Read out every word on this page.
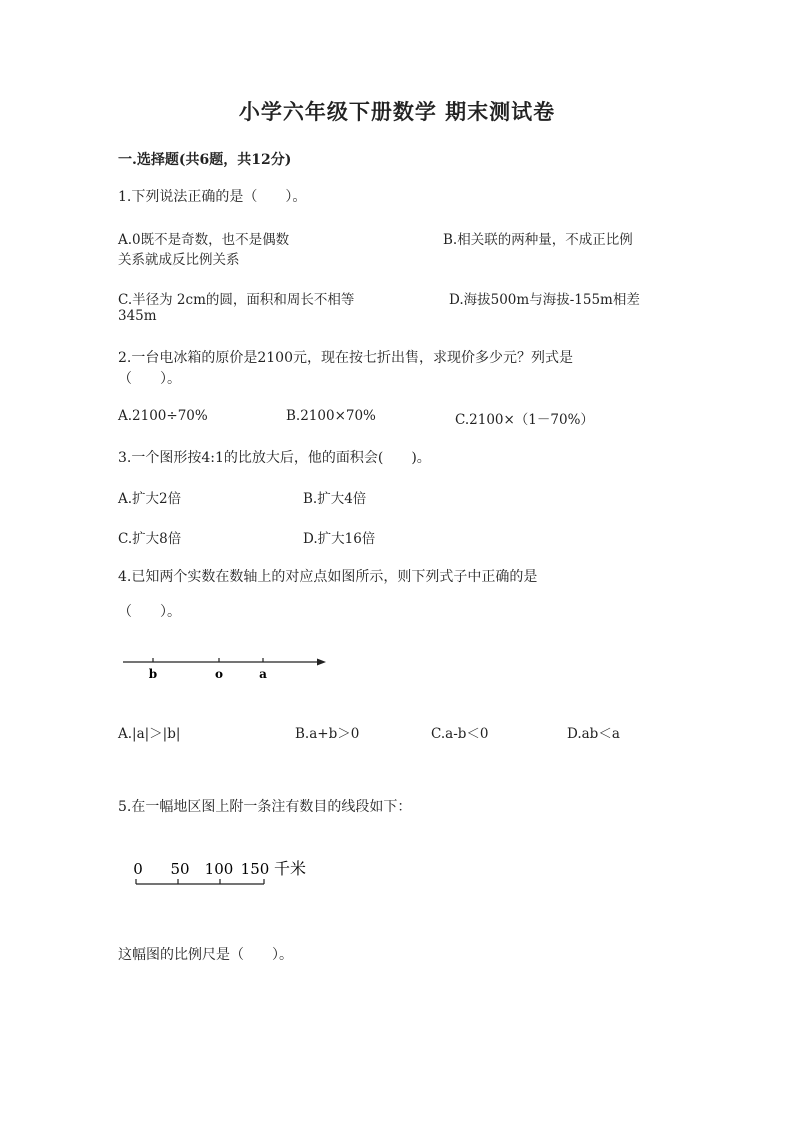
小学六年级下册数学 期末测试卷
一.选择题(共6题，共12分)
1.下列说法正确的是（　　）。
A.0既不是奇数，也不是偶数	B.相关联的两种量，不成正比例
关系就成反比例关系
C.半径为 2cm的圆，面积和周长不相等	D.海拔500m与海拔-155m相差
345m
2.一台电冰箱的原价是2100元，现在按七折出售，求现价多少元？列式是
（　　）。
A.2100÷70%	B.2100×70%	C.2100×（1－70%）
3.一个图形按4:1的比放大后，他的面积会(　　)。
A.扩大2倍	B.扩大4倍
C.扩大8倍	D.扩大16倍
4.已知两个实数在数轴上的对应点如图所示，则下列式子中正确的是
（　　）。
b	o	a
A.|a|＞|b|	B.a+b＞0	C.a-b＜0	D.ab＜a
5.在一幅地区图上附一条注有数目的线段如下：
0 50 100 150 千米
这幅图的比例尺是（　　）。
